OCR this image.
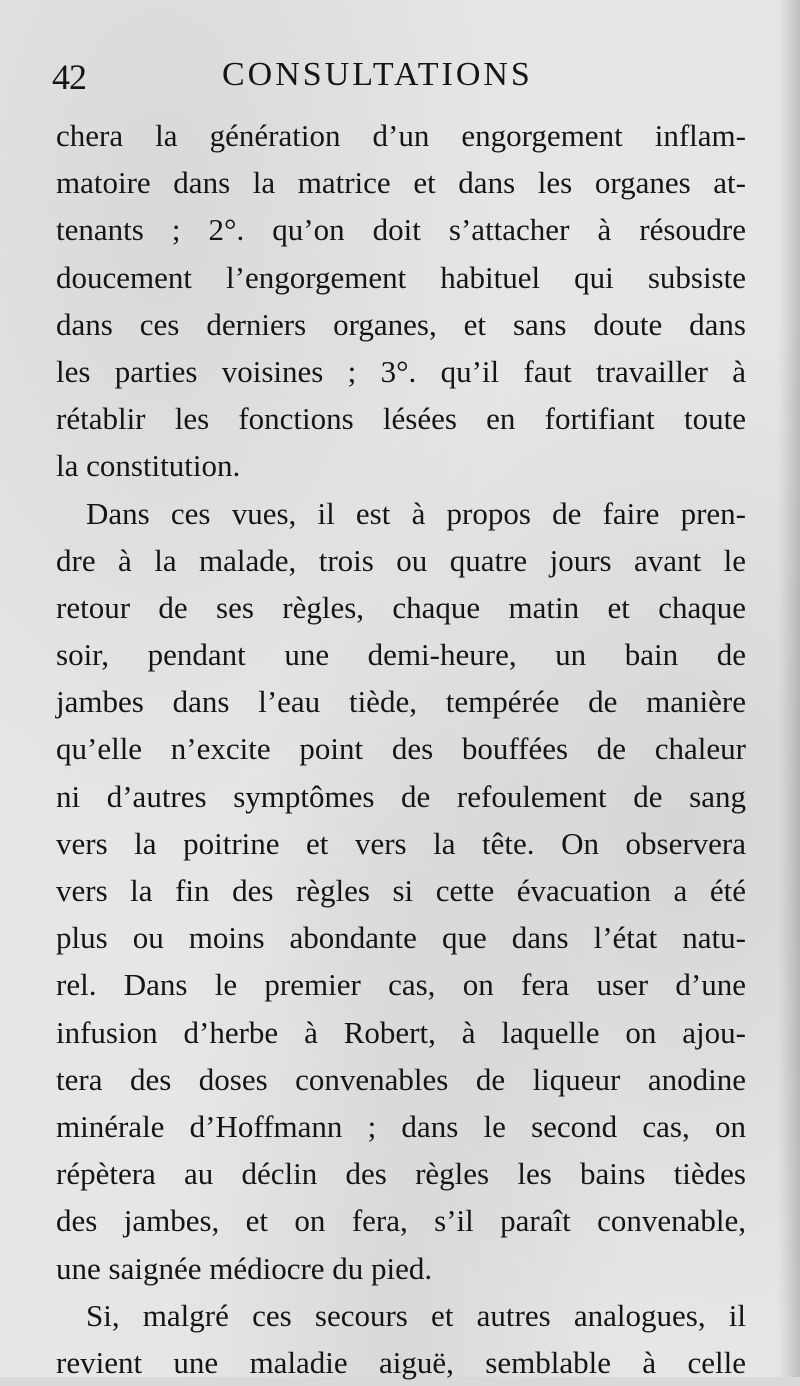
42	CONSULTATIONS
chera la génération d’un engorgement inflam-
matoire dans la matrice et dans les organes at-
tenants ; 2°. qu’on doit s’attacher à résoudre
doucement l’engorgement habituel qui subsiste
dans ces derniers organes, et sans doute dans
les parties voisines ; 3°. qu’il faut travailler à
rétablir les fonctions lésées en fortifiant toute
la constitution.
Dans ces vues, il est à propos de faire pren-
dre à la malade, trois ou quatre jours avant le
retour de ses règles, chaque matin et chaque
soir, pendant une demi-heure, un bain de
jambes dans l’eau tiède, tempérée de manière
qu’elle n’excite point des bouffées de chaleur
ni d’autres symptômes de refoulement de sang
vers la poitrine et vers la tête. On observera
vers la fin des règles si cette évacuation a été
plus ou moins abondante que dans l’état natu-
rel. Dans le premier cas, on fera user d’une
infusion d’herbe à Robert, à laquelle on ajou-
tera des doses convenables de liqueur anodine
minérale d’Hoffmann ; dans le second cas, on
répètera au déclin des règles les bains tièdes
des jambes, et on fera, s’il paraît convenable,
une saignée médiocre du pied.
Si, malgré ces secours et autres analogues, il
revient une maladie aiguë, semblable à celle
